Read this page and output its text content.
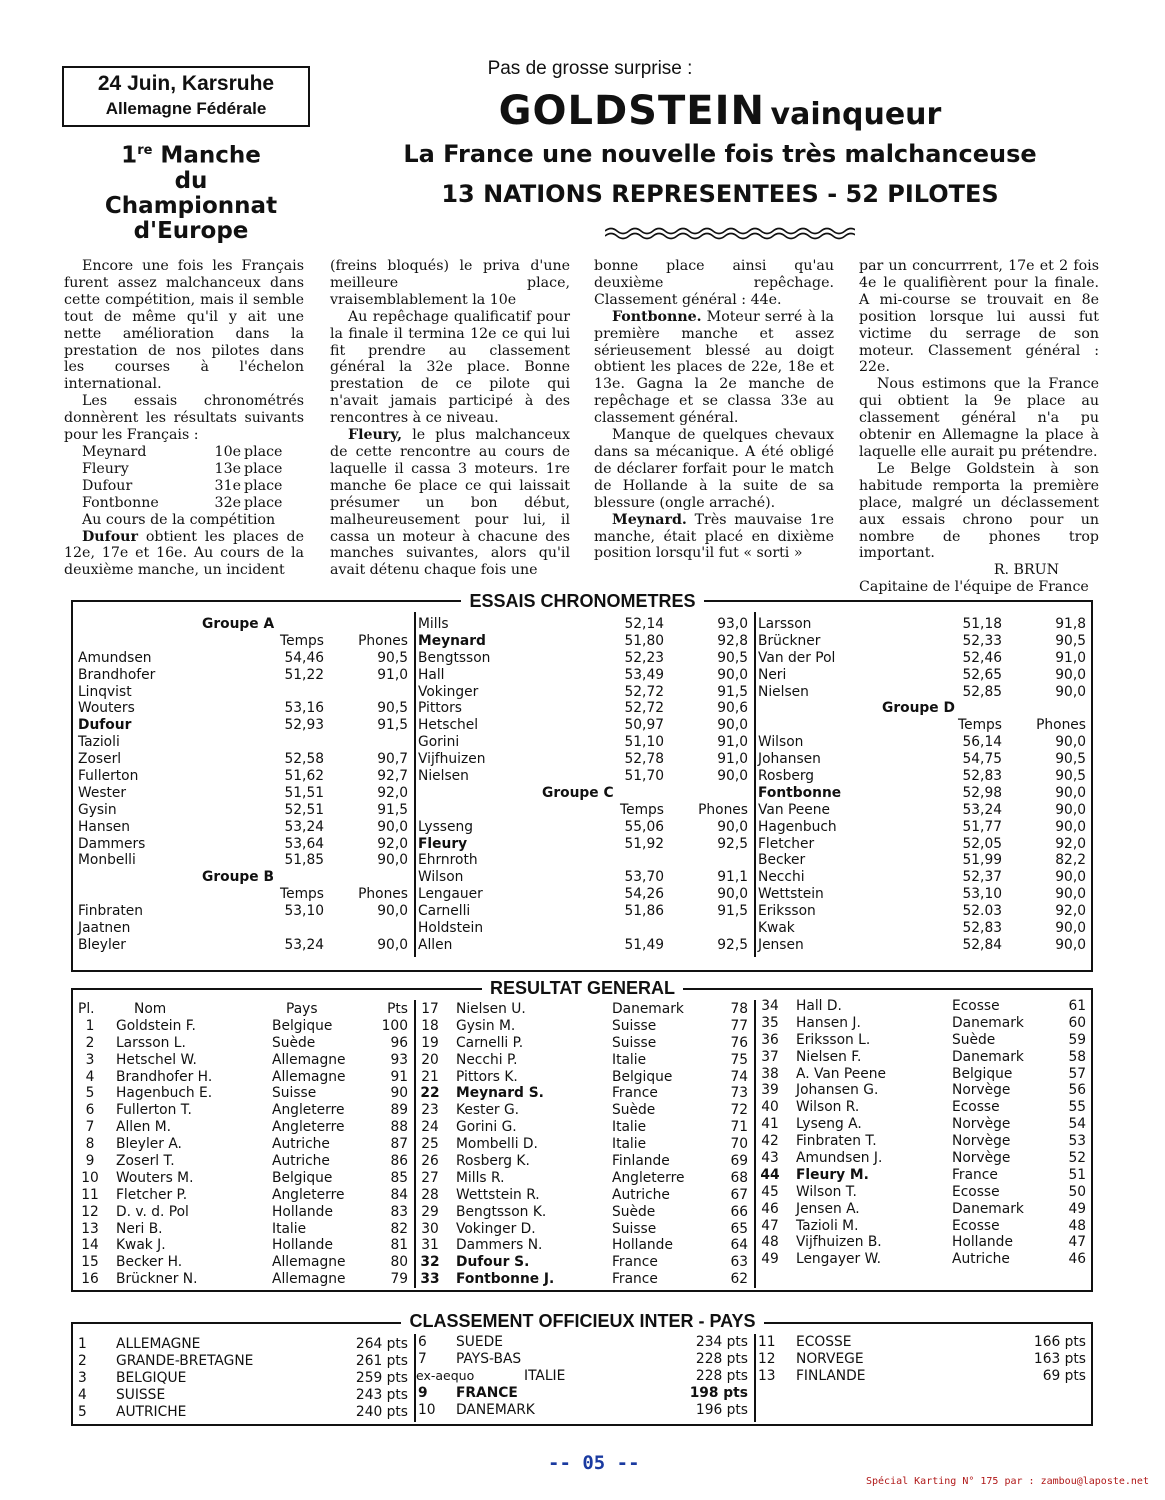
24 Juin, Karsruhe
Allemagne Fédérale
1re Manche
du
Championnat
d'Europe
Pas de grosse surprise :
GOLDSTEIN vainqueur
La France une nouvelle fois très malchanceuse
13 NATIONS REPRESENTEES - 52 PILOTES

Encore une fois les Français furent assez malchanceux dans cette compétition, mais il semble tout de même qu'il y ait une nette amélioration dans la prestation de nos pilotes dans les courses à l'échelon international.

Les essais chronométrés donnèrent les résultats suivants pour les Français :

Meynard	10e place
Fleury	13e place
Dufour	31e place
Fontbonne	32e place

Au cours de la compétition

Dufour obtient les places de 12e, 17e et 16e. Au cours de la deuxième manche, un incident

(freins bloqués) le priva d'une meilleure place, vraisemblablement la 10e

Au repêchage qualificatif pour la finale il termina 12e ce qui lui fit prendre au classement général la 32e place. Bonne prestation de ce pilote qui n'avait jamais participé à des rencontres à ce niveau.

Fleury, le plus malchanceux de cette rencontre au cours de laquelle il cassa 3 moteurs. 1re manche 6e place ce qui laissait présumer un bon début, malheureusement pour lui, il cassa un moteur à chacune des manches suivantes, alors qu'il avait détenu chaque fois une

bonne place ainsi qu'au deuxième repêchage. Classement général : 44e.

Fontbonne. Moteur serré à la première manche et assez sérieusement blessé au doigt obtient les places de 22e, 18e et 13e. Gagna la 2e manche de repêchage et se classa 33e au classement général.

Manque de quelques chevaux dans sa mécanique. A été obligé de déclarer forfait pour le match de Hollande à la suite de sa blessure (ongle arraché).

Meynard. Très mauvaise 1re manche, était placé en dixième position lorsqu'il fut « sorti »

par un concurrrent, 17e et 2 fois 4e le qualifièrent pour la finale. A mi-course se trouvait en 8e position lorsque lui aussi fut victime du serrage de son moteur. Classement général : 22e.

Nous estimons que la France qui obtient la 9e place au classement général n'a pu obtenir en Allemagne la place à laquelle elle aurait pu prétendre.

Le Belge Goldstein à son habitude remporta la première place, malgré un déclassement aux essais chrono pour un nombre de phones trop important.

R. BRUN
Capitaine de l'équipe de France
ESSAIS CHRONOMETRES
Groupe A
Temps Phones
Amundsen	54,46	90,5
Brandhofer	51,22	91,0
Linqvist
Wouters	53,16	90,5
Dufour	52,93	91,5
Tazioli
Zoserl	52,58	90,7
Fullerton	51,62	92,7
Wester	51,51	92,0
Gysin	52,51	91,5
Hansen	53,24	90,0
Dammers	53,64	92,0
Monbelli	51,85	90,0
Groupe B
Temps Phones
Finbraten	53,10	90,0
Jaatnen
Bleyler	53,24	90,0
Mills	52,14	93,0
Meynard	51,80	92,8
Bengtsson	52,23	90,5
Hall	53,49	90,0
Vokinger	52,72	91,5
Pittors	52,72	90,6
Hetschel	50,97	90,0
Gorini	51,10	91,0
Vijfhuizen	52,78	91,0
Nielsen	51,70	90,0
Groupe C
Temps Phones
Lysseng	55,06	90,0
Fleury	51,92	92,5
Ehrnroth
Wilson	53,70	91,1
Lengauer	54,26	90,0
Carnelli	51,86	91,5
Holdstein
Allen	51,49	92,5
Larsson	51,18	91,8
Brückner	52,33	90,5
Van der Pol	52,46	91,0
Neri	52,65	90,0
Nielsen	52,85	90,0
Groupe D
Temps Phones
Wilson	56,14	90,0
Johansen	54,75	90,5
Rosberg	52,83	90,5
Fontbonne	52,98	90,0
Van Peene	53,24	90,0
Hagenbuch	51,77	90,0
Fletcher	52,05	92,0
Becker	51,99	82,2
Necchi	52,37	90,0
Wettstein	53,10	90,0
Eriksson	52.03	92,0
Kwak	52,83	90,0
Jensen	52,84	90,0
RESULTAT GENERAL
Pl.	Nom	Pays	Pts
1	Goldstein F.	Belgique	100
2	Larsson L.	Suède	96
3	Hetschel W.	Allemagne	93
4	Brandhofer H.	Allemagne	91
5	Hagenbuch E.	Suisse	90
6	Fullerton T.	Angleterre	89
7	Allen M.	Angleterre	88
8	Bleyler A.	Autriche	87
9	Zoserl T.	Autriche	86
10 Wouters M.	Belgique	85
11 Fletcher P.	Angleterre	84
12 D. v. d. Pol	Hollande	83
13 Neri B.	Italie	82
14 Kwak J.	Hollande	81
15 Becker H.	Allemagne	80
16 Brückner N.	Allemagne	79
17 Nielsen U.	Danemark	78
18 Gysin M.	Suisse	77
19 Carnelli P.	Suisse	76
20 Necchi P.	Italie	75
21 Pittors K.	Belgique	74
22 Meynard S.	France	73
23 Kester G.	Suède	72
24 Gorini G.	Italie	71
25 Mombelli D.	Italie	70
26 Rosberg K.	Finlande	69
27 Mills R.	Angleterre	68
28 Wettstein R.	Autriche	67
29 Bengtsson K.	Suède	66
30 Vokinger D.	Suisse	65
31 Dammers N.	Hollande	64
32 Dufour S.	France	63
33 Fontbonne J.	France	62
34 Hall D.	Ecosse	61
35 Hansen J.	Danemark	60
36 Eriksson L.	Suède	59
37 Nielsen F.	Danemark	58
38 A. Van Peene	Belgique	57
39 Johansen G.	Norvège	56
40 Wilson R.	Ecosse	55
41 Lyseng A.	Norvège	54
42 Finbraten T.	Norvège	53
43 Amundsen J.	Norvège	52
44 Fleury M.	France	51
45 Wilson T.	Ecosse	50
46 Jensen A.	Danemark	49
47 Tazioli M.	Ecosse	48
48 Vijfhuizen B.	Hollande	47
49 Lengayer W.	Autriche	46
CLASSEMENT OFFICIEUX INTER - PAYS
1 ALLEMAGNE	264 pts
2 GRANDE-BRETAGNE	261 pts
3 BELGIQUE	259 pts
4 SUISSE	243 pts
5 AUTRICHE	240 pts
6 SUEDE	234 pts
7 PAYS-BAS	228 pts
ex-aequo	ITALIE	228 pts
9 FRANCE	198 pts
10 DANEMARK	196 pts
11 ECOSSE	166 pts
12 NORVEGE	163 pts
13 FINLANDE	69 pts
-- 05 --
Spécial Karting N° 175 par : zambou@laposte.net
